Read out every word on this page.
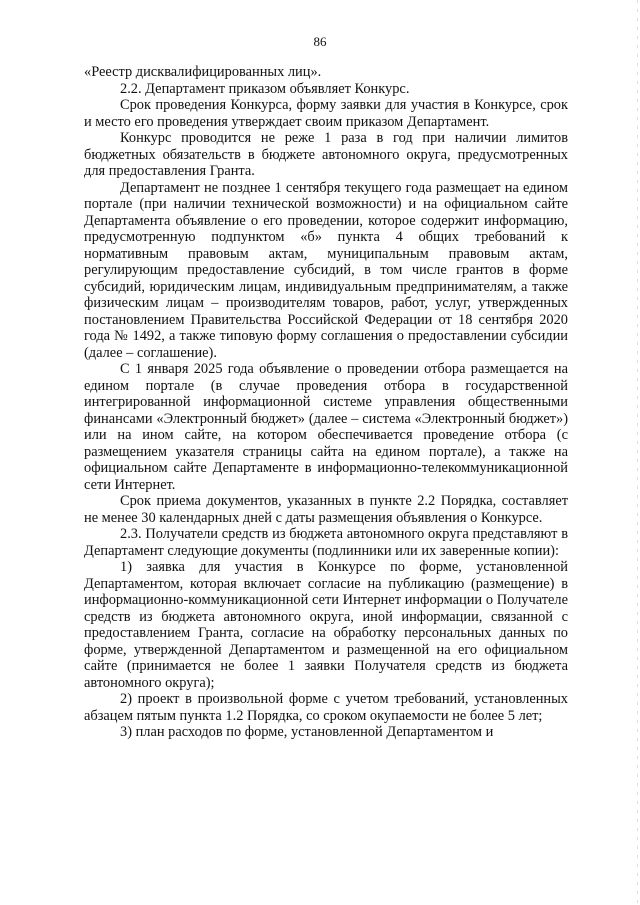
86

«Реестр дисквалифицированных лиц».

2.2. Департамент приказом объявляет Конкурс.

Срок проведения Конкурса, форму заявки для участия в Конкурсе, срок и место его проведения утверждает своим приказом Департамент.

Конкурс проводится не реже 1 раза в год при наличии лимитов бюджетных обязательств в бюджете автономного округа, предусмотренных для предоставления Гранта.

Департамент не позднее 1 сентября текущего года размещает на едином портале (при наличии технической возможности) и на официальном сайте Департамента объявление о его проведении, которое содержит информацию, предусмотренную подпунктом «б» пункта 4 общих требований к нормативным правовым актам, муниципальным правовым актам, регулирующим предоставление субсидий, в том числе грантов в форме субсидий, юридическим лицам, индивидуальным предпринимателям, а также физическим лицам – производителям товаров, работ, услуг, утвержденных постановлением Правительства Российской Федерации от 18 сентября 2020 года № 1492, а также типовую форму соглашения о предоставлении субсидии (далее – соглашение).

С 1 января 2025 года объявление о проведении отбора размещается на едином портале (в случае проведения отбора в государственной интегрированной информационной системе управления общественными финансами «Электронный бюджет» (далее – система «Электронный бюджет») или на ином сайте, на котором обеспечивается проведение отбора (с размещением указателя страницы сайта на едином портале), а также на официальном сайте Департаменте в информационно-телекоммуникационной сети Интернет.

Срок приема документов, указанных в пункте 2.2 Порядка, составляет не менее 30 календарных дней с даты размещения объявления о Конкурсе.

2.3. Получатели средств из бюджета автономного округа представляют в Департамент следующие документы (подлинники или их заверенные копии):

1) заявка для участия в Конкурсе по форме, установленной Департаментом, которая включает согласие на публикацию (размещение) в информационно-коммуникационной сети Интернет информации о Получателе средств из бюджета автономного округа, иной информации, связанной с предоставлением Гранта, согласие на обработку персональных данных по форме, утвержденной Департаментом и размещенной на его официальном сайте (принимается не более 1 заявки Получателя средств из бюджета автономного округа);

2) проект в произвольной форме с учетом требований, установленных абзацем пятым пункта 1.2 Порядка, со сроком окупаемости не более 5 лет;

3) план расходов по форме, установленной Департаментом и
